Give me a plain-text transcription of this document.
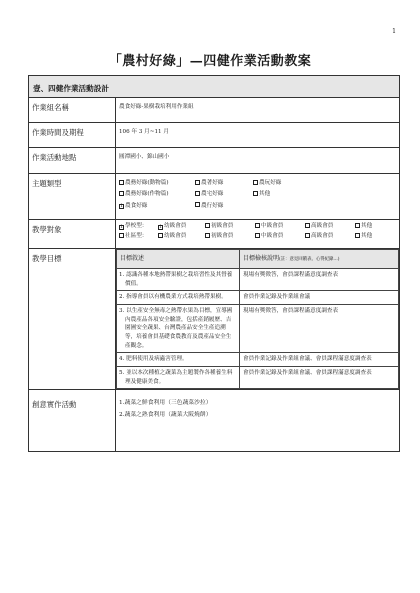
1
「農村好綠」—四健作業活動教案
壹、四健作業活動設計
作業組名稱	農食好綠-果樹栽培利用作業組
作業時間及期程	106 年 3 月~11 月
作業活動地點	圓潭國小、錦山國小
主題類型	農務好綠(動物篇)	農著好綠	農玩好綠
農務好綠(作物篇)	農宅好綠	其他
1 農食好綠	農行好綠

教學對象	1 學校型：	1 幼級會員	初級會員	中級會員	高級會員	其他
社區型：	幼級會員	初級會員	中級會員	高級會員	其他

教學目標		目標敘述	目標檢核說明(註：意見回饋表、心得紀錄…)
1. 認識各種本地熱帶果樹之栽培習性及其營養價值。	現場有獎徵答，會員課程滿意度調查表
2. 指導會員以有機農業方式栽培熱帶果樹。	會員作業記錄及作業組會議
3. 以生產安全無毒之熱帶水果為目標，宣導國內農產品各項安全驗證，包括產銷履歷、吉園圃安全蔬果、台灣農產品安全生產追溯等，培養會員基礎食農教育及農產品安全生產觀念。	現場有獎徵答，會員課程滿意度調查表
4. 肥料使用及病蟲害管理。	會員作業記錄及作業組會議、會員課程滿意度調查表
5. 並以本次種植之蔬菜為主題製作各種養生料理及健康美食。	會員作業記錄及作業組會議、會員課程滿意度調查表

創意實作活動	1.蔬菜之鮮食利用（三色蔬菜沙拉）
2.蔬菜之熟食利用（蔬菜大阪燒餅）
